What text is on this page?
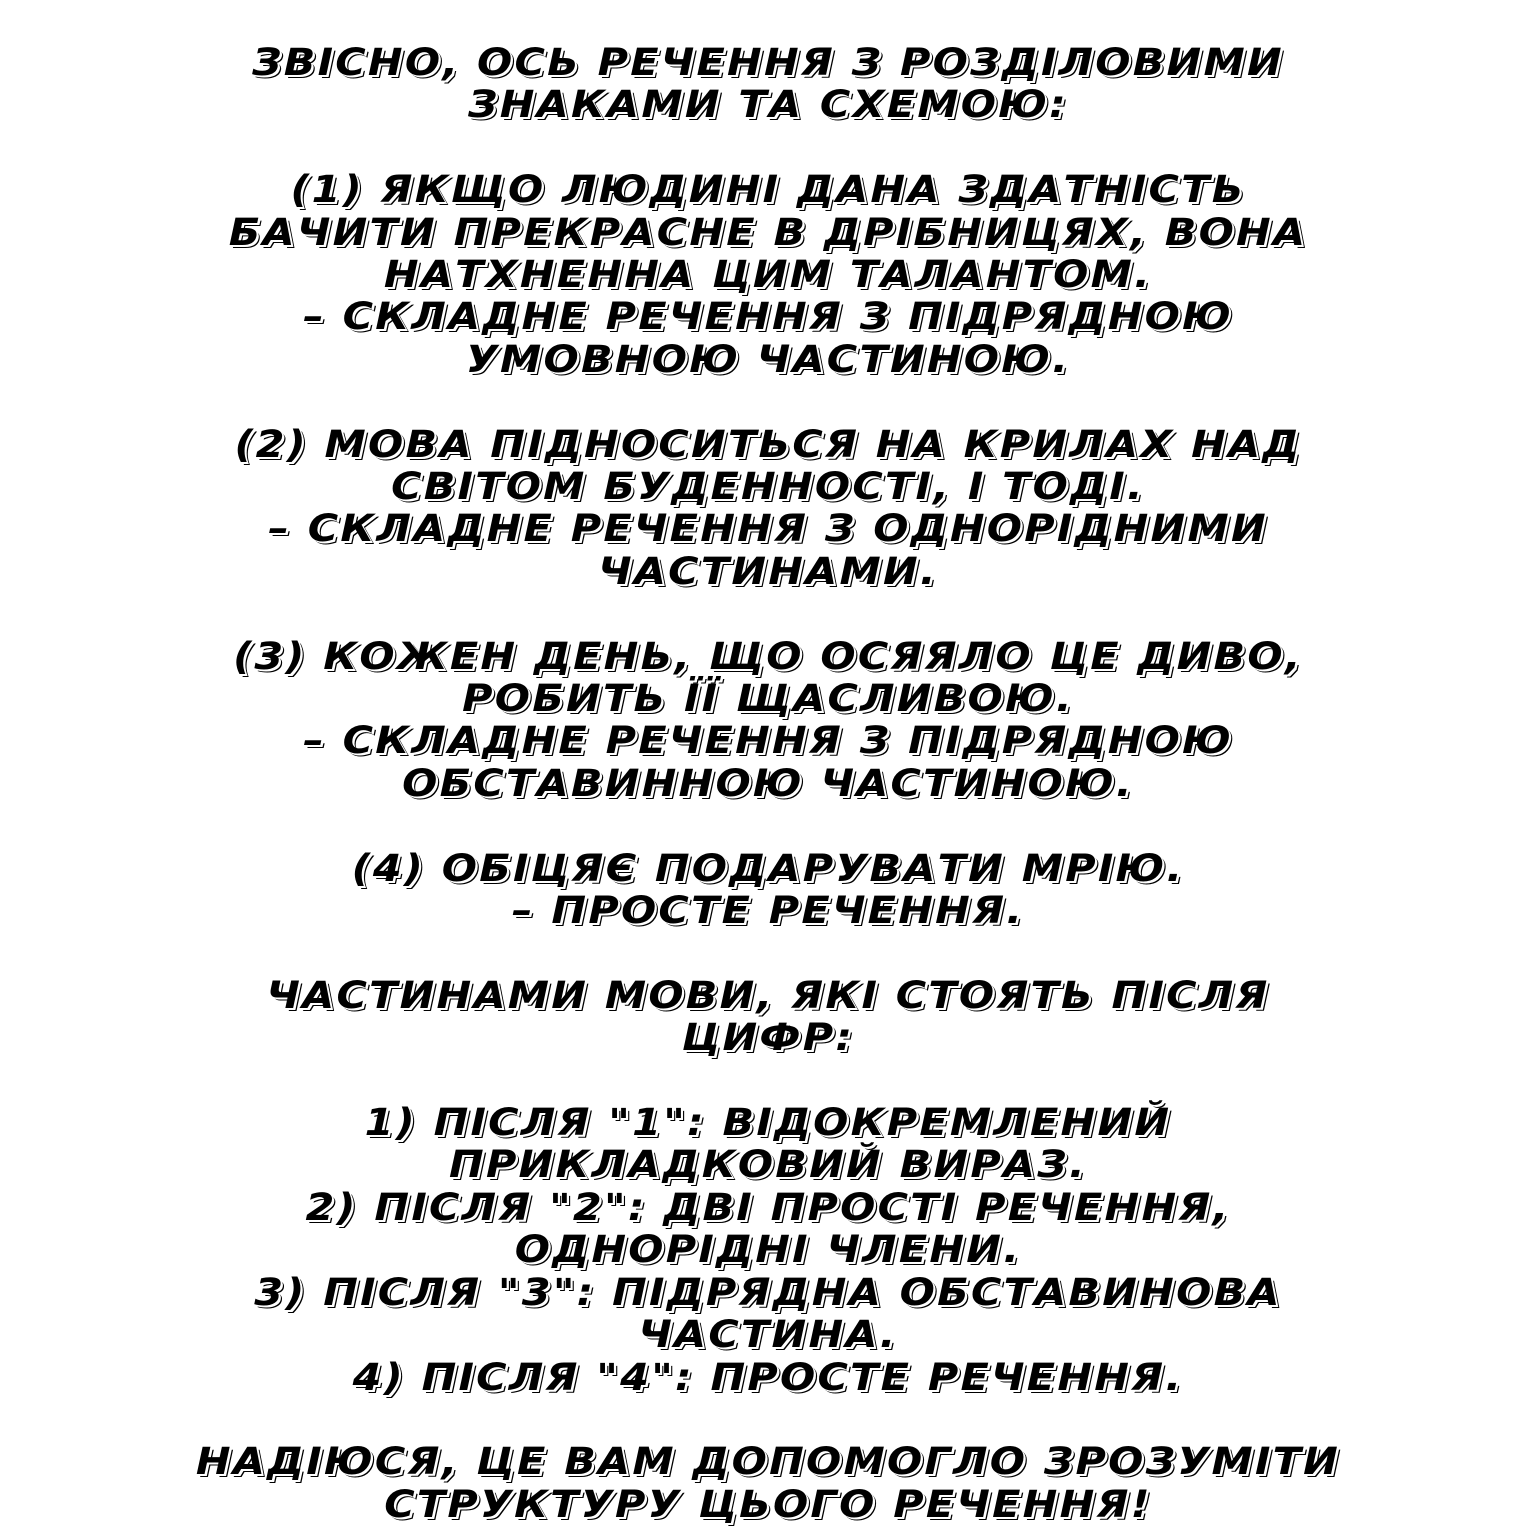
ЗВІСНО, ОСЬ РЕЧЕННЯ З РОЗДІЛОВИМИ
ЗНАКАМИ ТА СХЕМОЮ:
(1) ЯКЩО ЛЮДИНІ ДАНА ЗДАТНІСТЬ
БАЧИТИ ПРЕКРАСНЕ В ДРІБНИЦЯХ, ВОНА
НАТХНЕННА ЦИМ ТАЛАНТОМ.
– СКЛАДНЕ РЕЧЕННЯ З ПІДРЯДНОЮ
УМОВНОЮ ЧАСТИНОЮ.
(2) МОВА ПІДНОСИТЬСЯ НА КРИЛАХ НАД
СВІТОМ БУДЕННОСТІ, І ТОДІ.
– СКЛАДНЕ РЕЧЕННЯ З ОДНОРІДНИМИ
ЧАСТИНАМИ.
(3) КОЖЕН ДЕНЬ, ЩО ОСЯЯЛО ЦЕ ДИВО,
РОБИТЬ ЇЇ ЩАСЛИВОЮ.
– СКЛАДНЕ РЕЧЕННЯ З ПІДРЯДНОЮ
ОБСТАВИННОЮ ЧАСТИНОЮ.
(4) ОБІЦЯЄ ПОДАРУВАТИ МРІЮ.
– ПРОСТЕ РЕЧЕННЯ.
ЧАСТИНАМИ МОВИ, ЯКІ СТОЯТЬ ПІСЛЯ
ЦИФР:
1) ПІСЛЯ "1": ВІДОКРЕМЛЕНИЙ
ПРИКЛАДКОВИЙ ВИРАЗ.
2) ПІСЛЯ "2": ДВІ ПРОСТІ РЕЧЕННЯ,
ОДНОРІДНІ ЧЛЕНИ.
3) ПІСЛЯ "3": ПІДРЯДНА ОБСТАВИНОВА
ЧАСТИНА.
4) ПІСЛЯ "4": ПРОСТЕ РЕЧЕННЯ.
НАДІЮСЯ, ЦЕ ВАМ ДОПОМОГЛО ЗРОЗУМІТИ
СТРУКТУРУ ЦЬОГО РЕЧЕННЯ!
